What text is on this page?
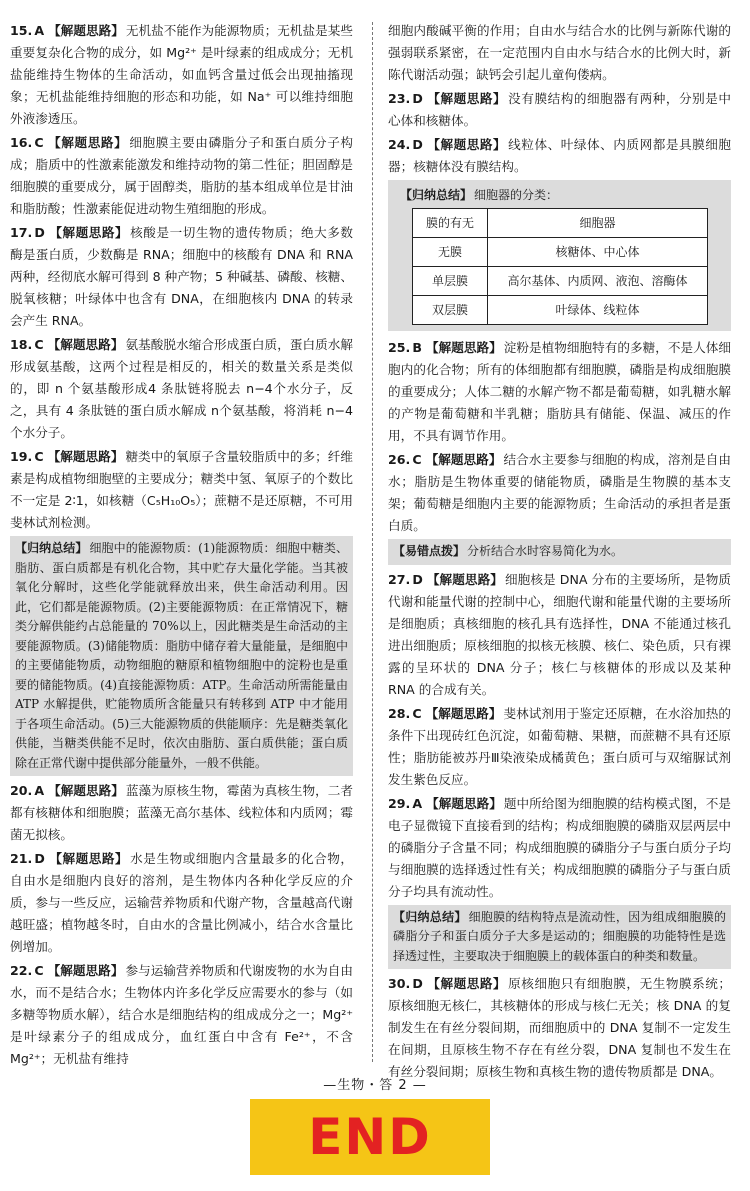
15. A 【解题思路】 无机盐不能作为能源物质；无机盐是某些重要复杂化合物的成分，如 Mg²⁺ 是叶绿素的组成成分；无机盐能维持生物体的生命活动，如血钙含量过低会出现抽搐现象；无机盐能维持细胞的形态和功能，如 Na⁺ 可以维持细胞外液渗透压。
16. C 【解题思路】 细胞膜主要由磷脂分子和蛋白质分子构成；脂质中的性激素能激发和维持动物的第二性征；胆固醇是细胞膜的重要成分，属于固醇类，脂肪的基本组成单位是甘油和脂肪酸；性激素能促进动物生殖细胞的形成。
17. D 【解题思路】 核酸是一切生物的遗传物质；绝大多数酶是蛋白质，少数酶是 RNA；细胞中的核酸有 DNA 和 RNA 两种，经彻底水解可得到 8 种产物；5 种碱基、磷酸、核糖、脱氧核糖；叶绿体中也含有 DNA，在细胞核内 DNA 的转录会产生 RNA。
18. C 【解题思路】 氨基酸脱水缩合形成蛋白质，蛋白质水解形成氨基酸，这两个过程是相反的，相关的数量关系是类似的，即 n 个氨基酸形成4 条肽链将脱去 n−4个水分子，反之，具有 4 条肽链的蛋白质水解成 n个氨基酸，将消耗 n−4 个水分子。
19. C 【解题思路】 糖类中的氧原子含量较脂质中的多；纤维素是构成植物细胞壁的主要成分；糖类中氢、氧原子的个数比不一定是 2∶1，如核糖（C₅H₁₀O₅）；蔗糖不是还原糖，不可用斐林试剂检测。
【归纳总结】 细胞中的能源物质：(1)能源物质：细胞中糖类、脂肪、蛋白质都是有机化合物，其中贮存大量化学能。当其被氧化分解时，这些化学能就释放出来，供生命活动利用。因此，它们都是能源物质。(2)主要能源物质：在正常情况下，糖类分解供能约占总能量的 70%以上，因此糖类是生命活动的主要能源物质。(3)储能物质：脂肪中储存着大量能量，是细胞中的主要储能物质，动物细胞的糖原和植物细胞中的淀粉也是重要的储能物质。(4)直接能源物质：ATP。生命活动所需能量由 ATP 水解提供，贮能物质所含能量只有转移到 ATP 中才能用于各项生命活动。(5)三大能源物质的供能顺序：先是糖类氧化供能，当糖类供能不足时，依次由脂肪、蛋白质供能；蛋白质除在正常代谢中提供部分能量外，一般不供能。
20. A 【解题思路】 蓝藻为原核生物，霉菌为真核生物，二者都有核糖体和细胞膜；蓝藻无高尔基体、线粒体和内质网；霉菌无拟核。
21. D 【解题思路】 水是生物或细胞内含量最多的化合物，自由水是细胞内良好的溶剂，是生物体内各种化学反应的介质，参与一些反应，运输营养物质和代谢产物，含量越高代谢越旺盛；植物越冬时，自由水的含量比例减小，结合水含量比例增加。
22. C 【解题思路】 参与运输营养物质和代谢废物的水为自由水，而不是结合水；生物体内许多化学反应需要水的参与（如多糖等物质水解），结合水是细胞结构的组成成分之一；Mg²⁺ 是叶绿素分子的组成成分，血红蛋白中含有 Fe²⁺，不含 Mg²⁺；无机盐有维持
细胞内酸碱平衡的作用；自由水与结合水的比例与新陈代谢的强弱联系紧密，在一定范围内自由水与结合水的比例大时，新陈代谢活动强；缺钙会引起儿童佝偻病。
23. D 【解题思路】 没有膜结构的细胞器有两种，分别是中心体和核糖体。
24. D 【解题思路】 线粒体、叶绿体、内质网都是具膜细胞器；核糖体没有膜结构。
【归纳总结】 细胞器的分类：
膜的有无	细胞器
无膜	核糖体、中心体
单层膜	高尔基体、内质网、液泡、溶酶体
双层膜	叶绿体、线粒体
25. B 【解题思路】 淀粉是植物细胞特有的多糖，不是人体细胞内的化合物；所有的体细胞都有细胞膜，磷脂是构成细胞膜的重要成分；人体二糖的水解产物不都是葡萄糖，如乳糖水解的产物是葡萄糖和半乳糖；脂肪具有储能、保温、减压的作用，不具有调节作用。
26. C 【解题思路】 结合水主要参与细胞的构成，溶剂是自由水；脂肪是生物体重要的储能物质，磷脂是生物膜的基本支架；葡萄糖是细胞内主要的能源物质；生命活动的承担者是蛋白质。
【易错点拨】 分析结合水时容易简化为水。
27. D 【解题思路】 细胞核是 DNA 分布的主要场所，是物质代谢和能量代谢的控制中心，细胞代谢和能量代谢的主要场所是细胞质；真核细胞的核孔具有选择性，DNA 不能通过核孔进出细胞质；原核细胞的拟核无核膜、核仁、染色质，只有裸露的呈环状的 DNA 分子；核仁与核糖体的形成以及某种 RNA 的合成有关。
28. C 【解题思路】 斐林试剂用于鉴定还原糖，在水浴加热的条件下出现砖红色沉淀，如葡萄糖、果糖，而蔗糖不具有还原性；脂肪能被苏丹Ⅲ染液染成橘黄色；蛋白质可与双缩脲试剂发生紫色反应。
29. A 【解题思路】 题中所给图为细胞膜的结构模式图，不是电子显微镜下直接看到的结构；构成细胞膜的磷脂双层两层中的磷脂分子含量不同；构成细胞膜的磷脂分子与蛋白质分子均与细胞膜的选择透过性有关；构成细胞膜的磷脂分子与蛋白质分子均具有流动性。
【归纳总结】 细胞膜的结构特点是流动性，因为组成细胞膜的磷脂分子和蛋白质分子大多是运动的；细胞膜的功能特性是选择透过性，主要取决于细胞膜上的载体蛋白的种类和数量。
30. D 【解题思路】 原核细胞只有细胞膜，无生物膜系统；原核细胞无核仁，其核糖体的形成与核仁无关；核 DNA 的复制发生在有丝分裂间期，而细胞质中的 DNA 复制不一定发生在间期，且原核生物不存在有丝分裂，DNA 复制也不发生在有丝分裂间期；原核生物和真核生物的遗传物质都是 DNA。
—生物・答 2 —
END
